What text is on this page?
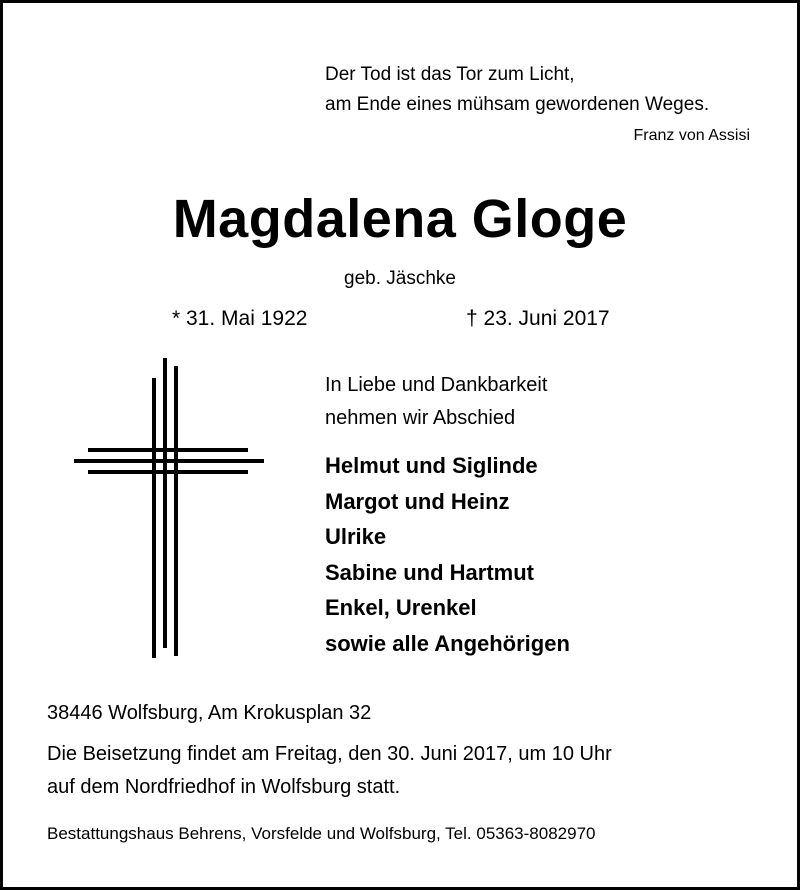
Der Tod ist das Tor zum Licht,
am Ende eines mühsam gewordenen Weges.
Franz von Assisi
Magdalena Gloge
geb. Jäschke
* 31. Mai 1922	† 23. Juni 2017
In Liebe und Dankbarkeit
nehmen wir Abschied
Helmut und Siglinde
Margot und Heinz
Ulrike
Sabine und Hartmut
Enkel, Urenkel
sowie alle Angehörigen
38446 Wolfsburg, Am Krokusplan 32
Die Beisetzung findet am Freitag, den 30. Juni 2017, um 10 Uhr
auf dem Nordfriedhof in Wolfsburg statt.
Bestattungshaus Behrens, Vorsfelde und Wolfsburg, Tel. 05363-8082970
